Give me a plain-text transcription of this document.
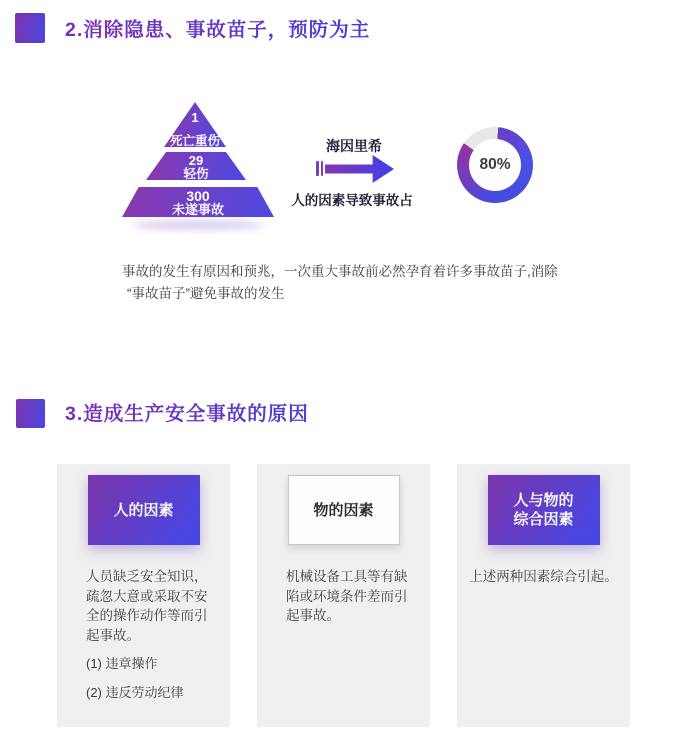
2.消除隐患、事故苗子，预防为主
1
死亡重伤
29
轻伤
300
未遂事故
海因里希
人的因素导致事故占
80%
事故的发生有原因和预兆，一次重大事故前必然孕育着许多事故苗子,消除
“事故苗子”避免事故的发生
3.造成生产安全事故的原因
人的因素
人员缺乏安全知识，疏忽大意或采取不安全的操作动作等而引起事故。
(1) 违章操作
(2) 违反劳动纪律
物的因素
机械设备工具等有缺陷或环境条件差而引起事故。
人与物的
综合因素
上述两种因素综合引起。
